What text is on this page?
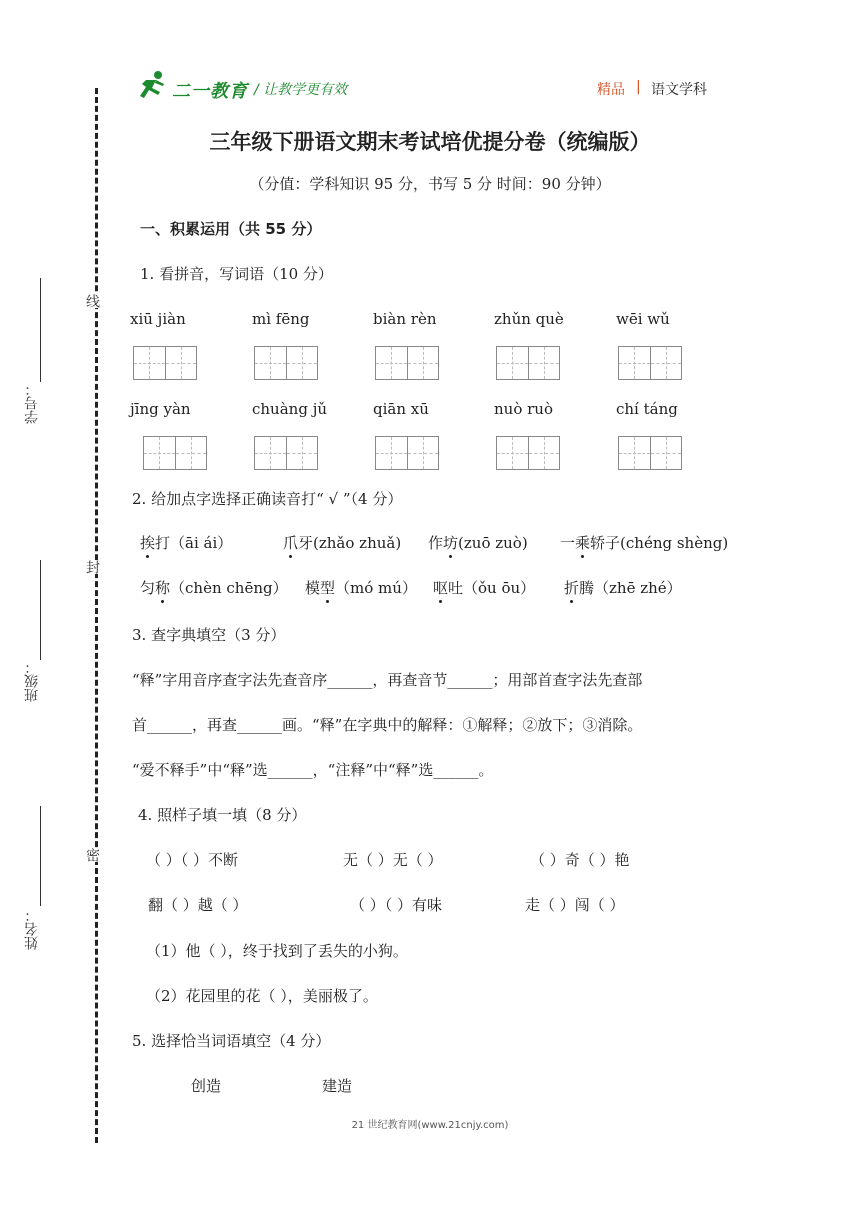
学号：
班级：
姓名：
线
封
密
二一教育 / 让教学更有效	精品 | 语文学科
三年级下册语文期末考试培优提分卷（统编版）
（分值：学科知识 95 分，书写 5 分 时间：90 分钟）
一、积累运用（共 55 分）
1. 看拼音，写词语（10 分）
xiū jiàn	mì fēng	biàn rèn	zhǔn què	wēi wǔ
jīng yàn	chuàng jǔ	qiān xū	nuò ruò	chí táng
2. 给加点字选择正确读音打“ √ ”（4 分）
挨打（āi ái）	爪牙(zhǎo zhuǎ) 作坊(zuō zuò) 一乘轿子(chéng shèng)
匀称（chèn chēng） 模型（mó mú） 呕吐（ǒu ōu） 折腾（zhē zhé）
3. 查字典填空（3 分）
“释”字用音序查字法先查音序______，再查音节______；用部首查字法先查部
首______，再查______画。“释”在字典中的解释：①解释；②放下；③消除。
“爱不释手”中“释”选______，“注释”中“释”选______。
4. 照样子填一填（8 分）
（ ）（ ）不断	无（ ）无（ ）	（ ）奇（ ）艳
翻（ ）越（ ）	（ ）（ ）有味	走（ ）闯（ ）
（1）他（ ），终于找到了丢失的小狗。
（2）花园里的花（ ），美丽极了。
5. 选择恰当词语填空（4 分）
创造	建造
21 世纪教育网(www.21cnjy.com)
